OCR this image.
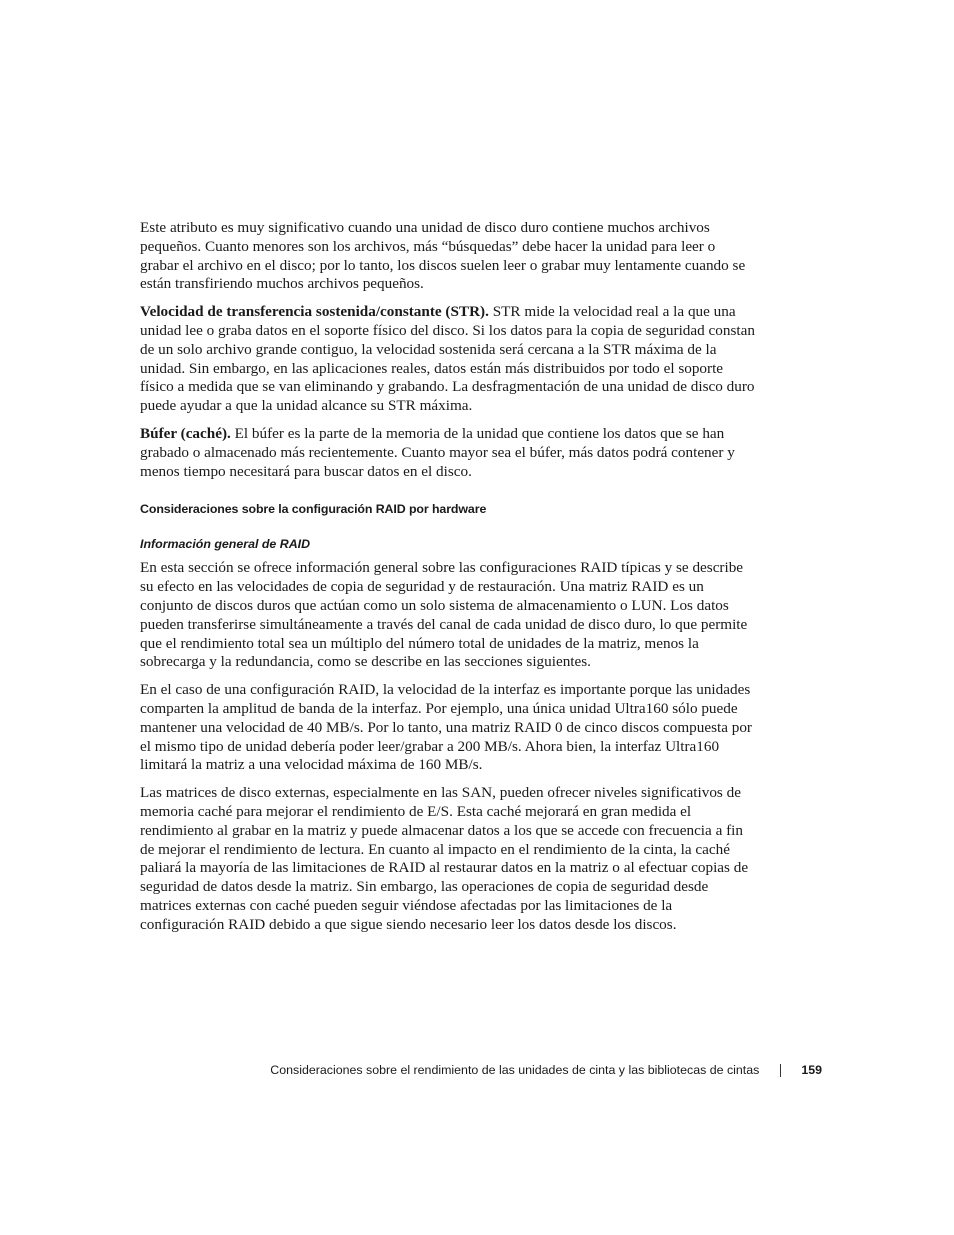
Este atributo es muy significativo cuando una unidad de disco duro contiene muchos archivos pequeños. Cuanto menores son los archivos, más “búsquedas” debe hacer la unidad para leer o grabar el archivo en el disco; por lo tanto, los discos suelen leer o grabar muy lentamente cuando se están transfiriendo muchos archivos pequeños.

Velocidad de transferencia sostenida/constante (STR). STR mide la velocidad real a la que una unidad lee o graba datos en el soporte físico del disco. Si los datos para la copia de seguridad constan de un solo archivo grande contiguo, la velocidad sostenida será cercana a la STR máxima de la unidad. Sin embargo, en las aplicaciones reales, datos están más distribuidos por todo el soporte físico a medida que se van eliminando y grabando. La desfragmentación de una unidad de disco duro puede ayudar a que la unidad alcance su STR máxima.

Búfer (caché). El búfer es la parte de la memoria de la unidad que contiene los datos que se han grabado o almacenado más recientemente. Cuanto mayor sea el búfer, más datos podrá contener y menos tiempo necesitará para buscar datos en el disco.

Consideraciones sobre la configuración RAID por hardware
Información general de RAID

En esta sección se ofrece información general sobre las configuraciones RAID típicas y se describe su efecto en las velocidades de copia de seguridad y de restauración. Una matriz RAID es un conjunto de discos duros que actúan como un solo sistema de almacenamiento o LUN. Los datos pueden transferirse simultáneamente a través del canal de cada unidad de disco duro, lo que permite que el rendimiento total sea un múltiplo del número total de unidades de la matriz, menos la sobrecarga y la redundancia, como se describe en las secciones siguientes.

En el caso de una configuración RAID, la velocidad de la interfaz es importante porque las unidades comparten la amplitud de banda de la interfaz. Por ejemplo, una única unidad Ultra160 sólo puede mantener una velocidad de 40 MB/s. Por lo tanto, una matriz RAID 0 de cinco discos compuesta por el mismo tipo de unidad debería poder leer/grabar a 200 MB/s. Ahora bien, la interfaz Ultra160 limitará la matriz a una velocidad máxima de 160 MB/s.

Las matrices de disco externas, especialmente en las SAN, pueden ofrecer niveles significativos de memoria caché para mejorar el rendimiento de E/S. Esta caché mejorará en gran medida el rendimiento al grabar en la matriz y puede almacenar datos a los que se accede con frecuencia a fin de mejorar el rendimiento de lectura. En cuanto al impacto en el rendimiento de la cinta, la caché paliará la mayoría de las limitaciones de RAID al restaurar datos en la matriz o al efectuar copias de seguridad de datos desde la matriz. Sin embargo, las operaciones de copia de seguridad desde matrices externas con caché pueden seguir viéndose afectadas por las limitaciones de la configuración RAID debido a que sigue siendo necesario leer los datos desde los discos.

Consideraciones sobre el rendimiento de las unidades de cinta y las bibliotecas de cintas	159
